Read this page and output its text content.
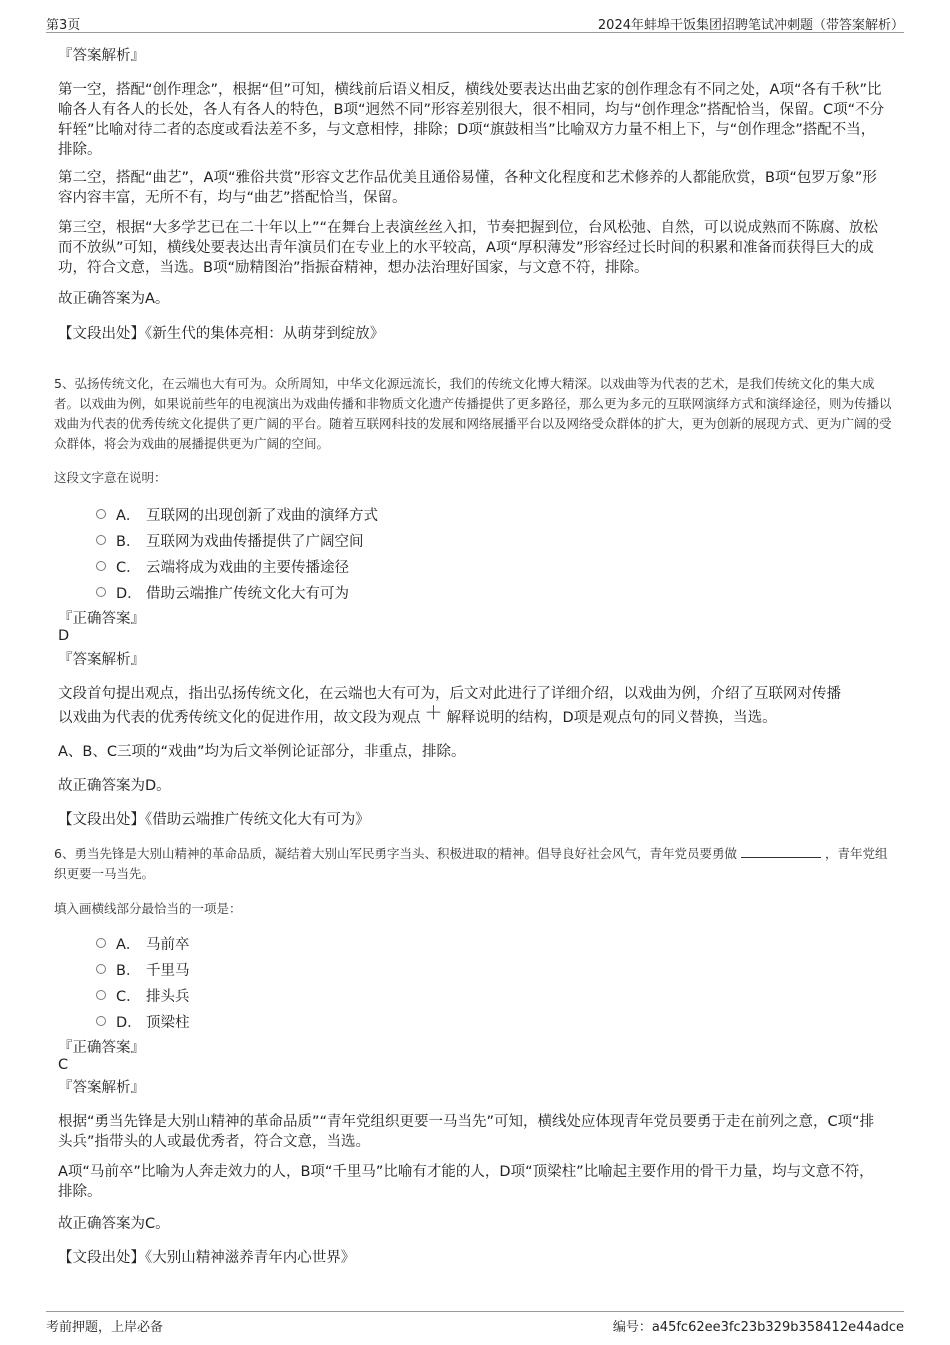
第3页	2024年蚌埠干饭集团招聘笔试冲刺题（带答案解析）
『答案解析』
第一空，搭配“创作理念”，根据“但”可知，横线前后语义相反，横线处要表达出曲艺家的创作理念有不同之处，A项“各有千秋”比喻各人有各人的长处，各人有各人的特色，B项“迥然不同”形容差别很大，很不相同，均与“创作理念”搭配恰当，保留。C项“不分轩轾”比喻对待二者的态度或看法差不多，与文意相悖，排除；D项“旗鼓相当”比喻双方力量不相上下，与“创作理念”搭配不当，排除。
第二空，搭配“曲艺”，A项“雅俗共赏”形容文艺作品优美且通俗易懂，各种文化程度和艺术修养的人都能欣赏，B项“包罗万象”形容内容丰富，无所不有，均与“曲艺”搭配恰当，保留。
第三空，根据“大多学艺已在二十年以上”“在舞台上表演丝丝入扣，节奏把握到位，台风松弛、自然，可以说成熟而不陈腐、放松而不放纵”可知，横线处要表达出青年演员们在专业上的水平较高，A项“厚积薄发”形容经过长时间的积累和准备而获得巨大的成功，符合文意，当选。B项“励精图治”指振奋精神，想办法治理好国家，与文意不符，排除。
故正确答案为A。
【文段出处】《新生代的集体亮相：从萌芽到绽放》
5、弘扬传统文化，在云端也大有可为。众所周知，中华文化源远流长，我们的传统文化博大精深。以戏曲等为代表的艺术，是我们传统文化的集大成者。以戏曲为例，如果说前些年的电视演出为戏曲传播和非物质文化遗产传播提供了更多路径，那么更为多元的互联网演绎方式和演绎途径，则为传播以戏曲为代表的优秀传统文化提供了更广阔的平台。随着互联网科技的发展和网络展播平台以及网络受众群体的扩大，更为创新的展现方式、更为广阔的受众群体，将会为戏曲的展播提供更为广阔的空间。
这段文字意在说明：
A． 互联网的出现创新了戏曲的演绎方式
B． 互联网为戏曲传播提供了广阔空间
C． 云端将成为戏曲的主要传播途径
D． 借助云端推广传统文化大有可为
『正确答案』
D
『答案解析』
文段首句提出观点，指出弘扬传统文化，在云端也大有可为，后文对此进行了详细介绍，以戏曲为例，介绍了互联网对传播
以戏曲为代表的优秀传统文化的促进作用，故文段为观点 ＋ 解释说明的结构，D项是观点句的同义替换，当选。
A、B、C三项的“戏曲”均为后文举例论证部分，非重点，排除。
故正确答案为D。
【文段出处】《借助云端推广传统文化大有可为》
6、勇当先锋是大别山精神的革命品质，凝结着大别山军民勇字当头、积极进取的精神。倡导良好社会风气，青年党员要勇做	，青年党组织更要一马当先。
填入画横线部分最恰当的一项是：
A． 马前卒
B． 千里马
C． 排头兵
D． 顶梁柱
『正确答案』
C
『答案解析』
根据“勇当先锋是大别山精神的革命品质”“青年党组织更要一马当先”可知，横线处应体现青年党员要勇于走在前列之意，C项“排头兵”指带头的人或最优秀者，符合文意，当选。
A项“马前卒”比喻为人奔走效力的人，B项“千里马”比喻有才能的人，D项“顶梁柱”比喻起主要作用的骨干力量，均与文意不符，排除。
故正确答案为C。
【文段出处】《大别山精神滋养青年内心世界》
考前押题，上岸必备	编号：a45fc62ee3fc23b329b358412e44adce
